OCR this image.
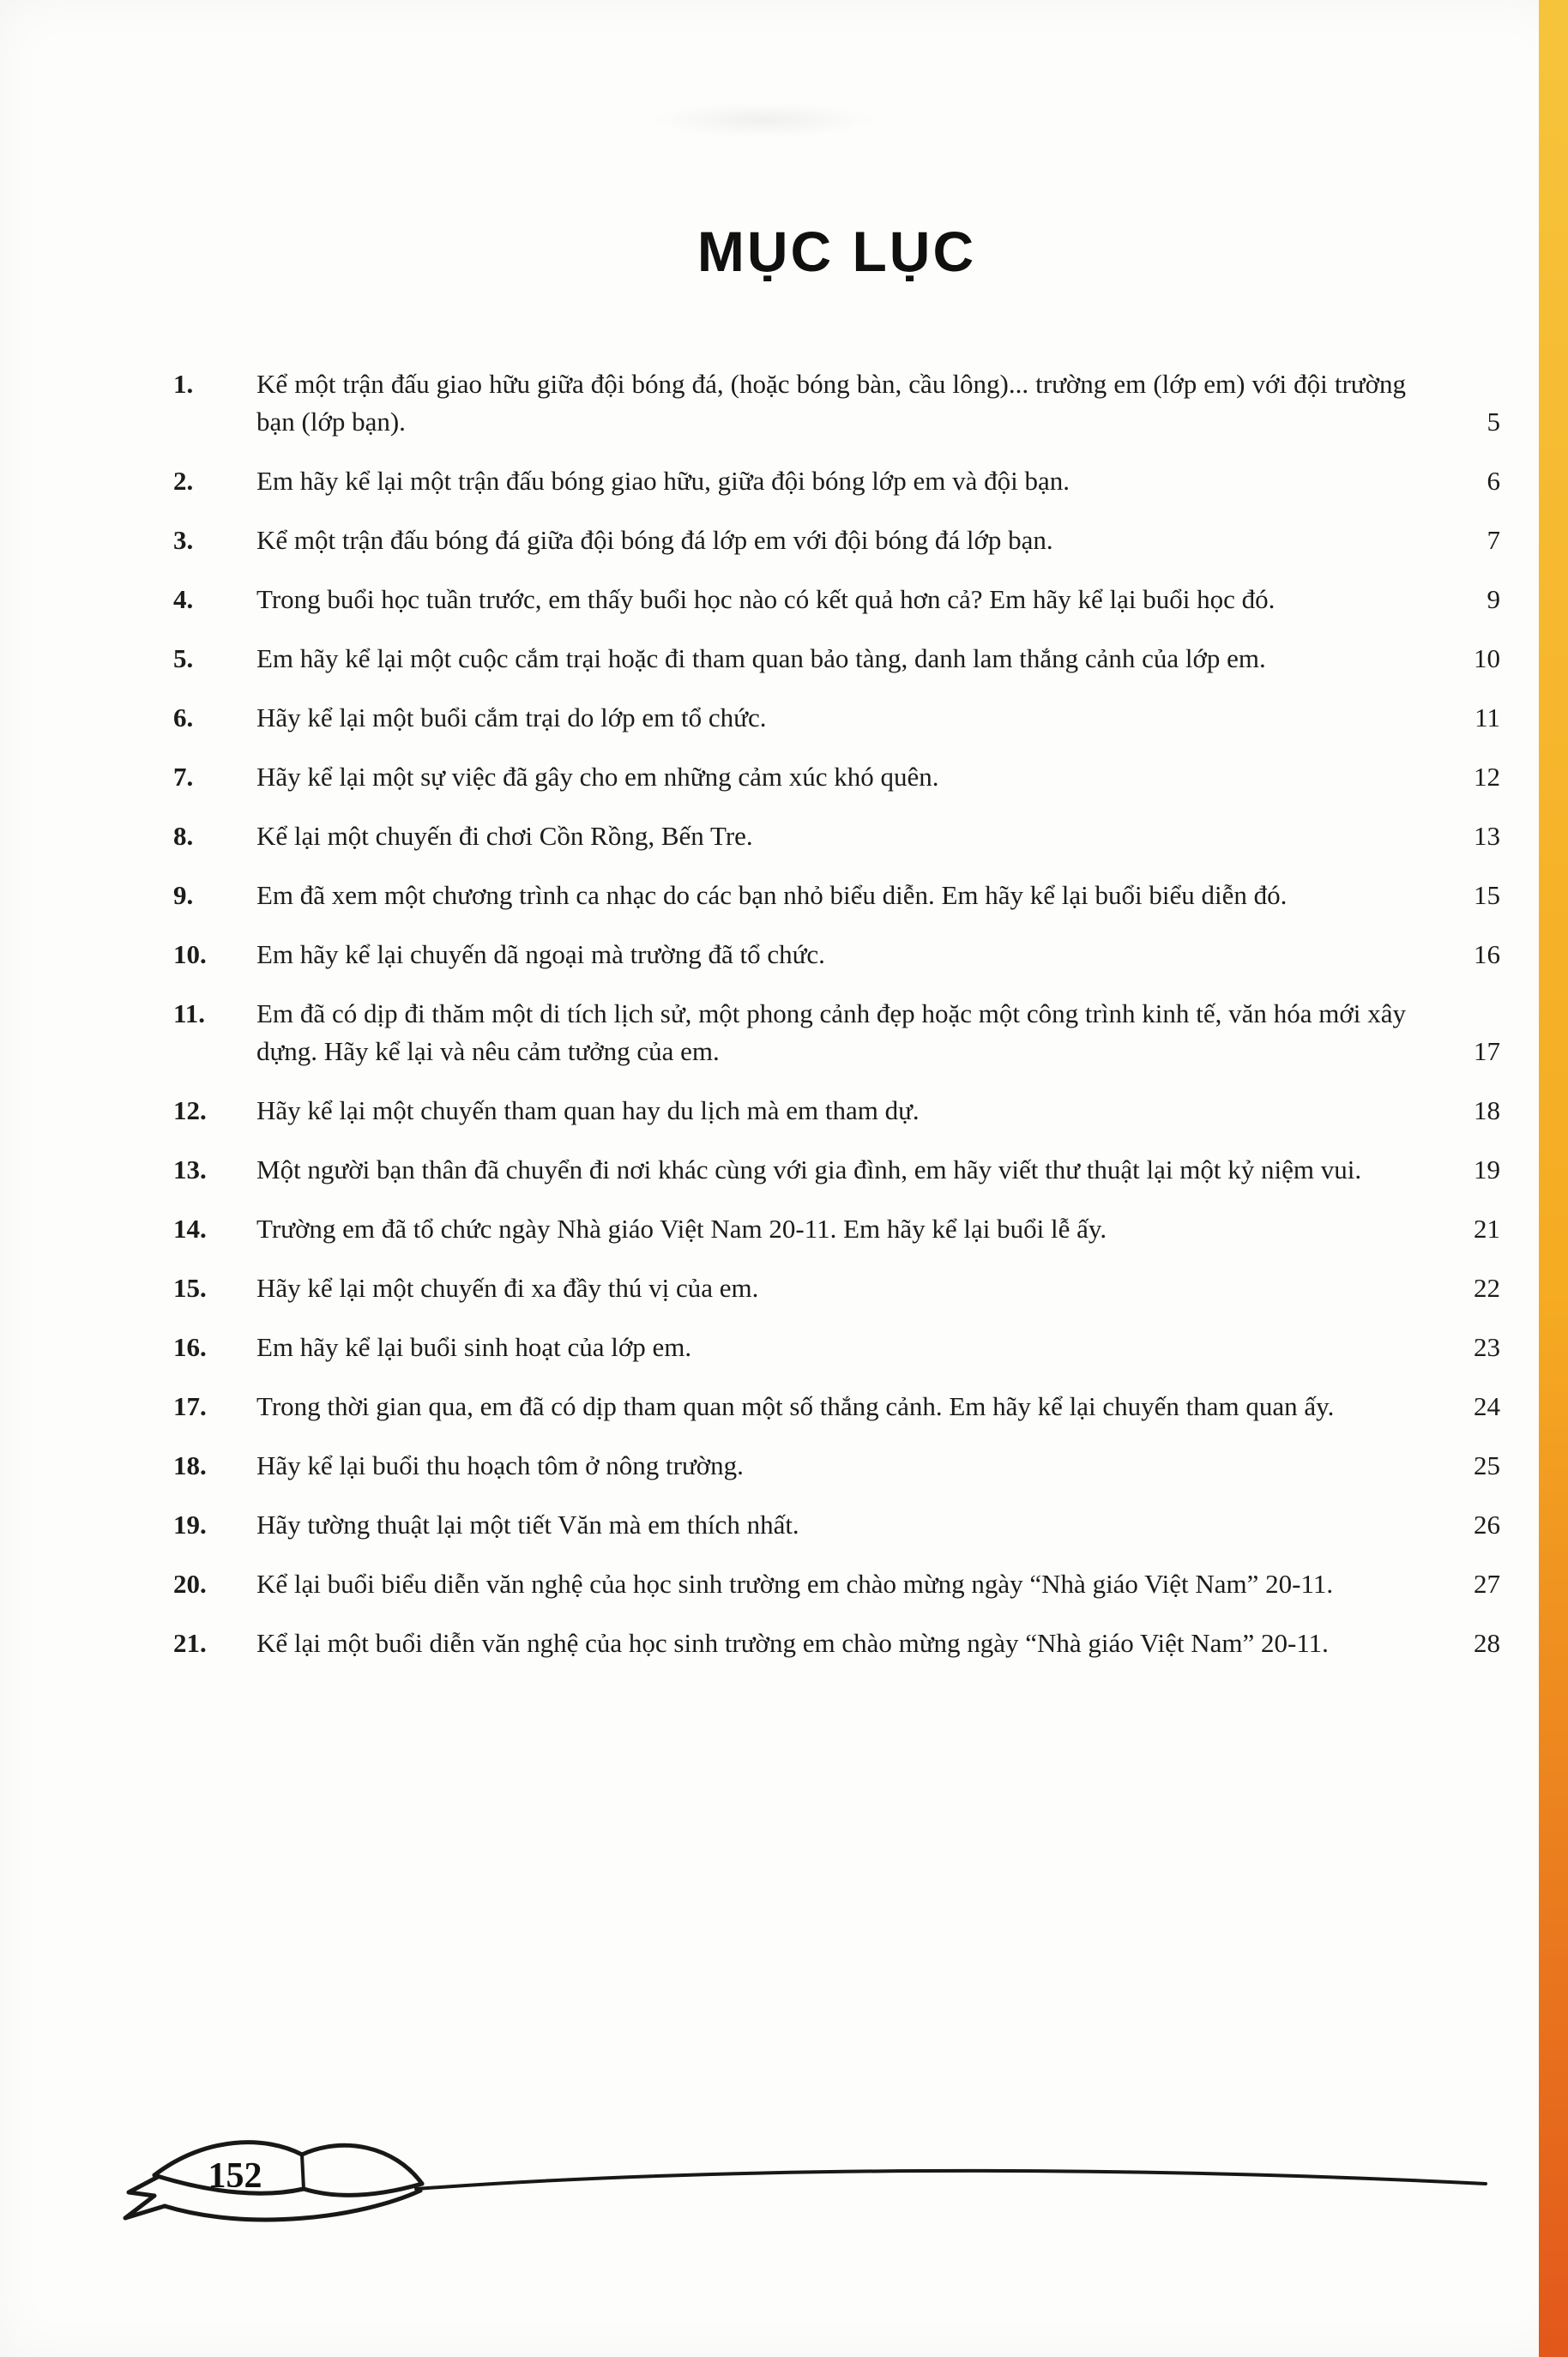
MỤC LỤC
1.	Kể một trận đấu giao hữu giữa đội bóng đá, (hoặc bóng bàn, cầu lông)... trường em (lớp em) với đội trường bạn (lớp bạn).	5
2.	Em hãy kể lại một trận đấu bóng giao hữu, giữa đội bóng lớp em và đội bạn.	6
3.	Kể một trận đấu bóng đá giữa đội bóng đá lớp em với đội bóng đá lớp bạn.	7
4.	Trong buổi học tuần trước, em thấy buổi học nào có kết quả hơn cả? Em hãy kể lại buổi học đó.	9
5.	Em hãy kể lại một cuộc cắm trại hoặc đi tham quan bảo tàng, danh lam thắng cảnh của lớp em.	10
6.	Hãy kể lại một buổi cắm trại do lớp em tổ chức.	11
7.	Hãy kể lại một sự việc đã gây cho em những cảm xúc khó quên.	12
8.	Kể lại một chuyến đi chơi Cồn Rồng, Bến Tre.	13
9.	Em đã xem một chương trình ca nhạc do các bạn nhỏ biểu diễn. Em hãy kể lại buổi biểu diễn đó.	15
10.	Em hãy kể lại chuyến dã ngoại mà trường đã tổ chức.	16
11.	Em đã có dịp đi thăm một di tích lịch sử, một phong cảnh đẹp hoặc một công trình kinh tế, văn hóa mới xây dựng. Hãy kể lại và nêu cảm tưởng của em.	17
12.	Hãy kể lại một chuyến tham quan hay du lịch mà em tham dự.	18
13.	Một người bạn thân đã chuyển đi nơi khác cùng với gia đình, em hãy viết thư thuật lại một kỷ niệm vui.	19
14.	Trường em đã tổ chức ngày Nhà giáo Việt Nam 20-11. Em hãy kể lại buổi lễ ấy.	21
15.	Hãy kể lại một chuyến đi xa đầy thú vị của em.	22
16.	Em hãy kể lại buổi sinh hoạt của lớp em.	23
17.	Trong thời gian qua, em đã có dịp tham quan một số thắng cảnh. Em hãy kể lại chuyến tham quan ấy.	24
18.	Hãy kể lại buổi thu hoạch tôm ở nông trường.	25
19.	Hãy tường thuật lại một tiết Văn mà em thích nhất.	26
20.	Kể lại buổi biểu diễn văn nghệ của học sinh trường em chào mừng ngày “Nhà giáo Việt Nam” 20-11.	27
21.	Kể lại một buổi diễn văn nghệ của học sinh trường em chào mừng ngày “Nhà giáo Việt Nam” 20-11.	28
152
